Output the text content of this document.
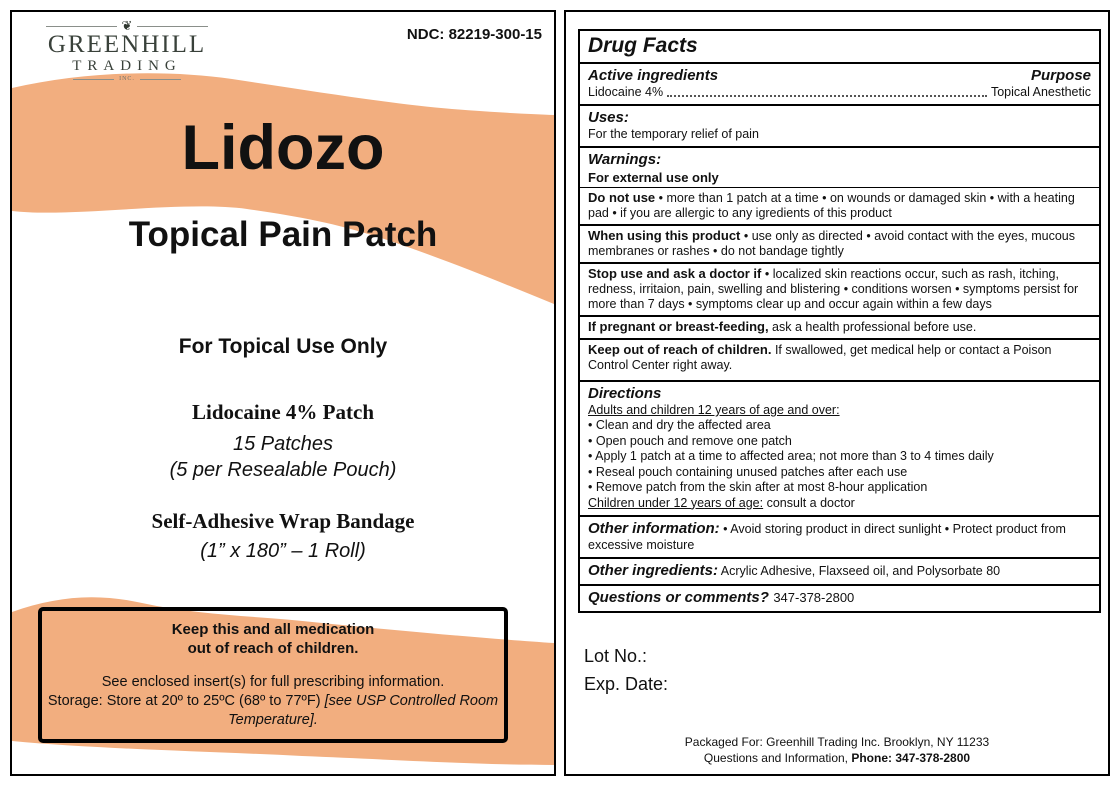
❦
GREENHILL
TRADING
INC.
NDC: 82219-300-15
Lidozo
Topical Pain Patch
For Topical Use Only
Lidocaine 4% Patch
15 Patches
(5 per Resealable Pouch)
Self-Adhesive Wrap Bandage
(1” x 180” – 1 Roll)
Keep this and all medication
out of reach of children.
See enclosed insert(s) for full prescribing information.
Storage: Store at 20º to 25ºC (68º to 77ºF) [see USP Controlled Room Temperature].
Drug Facts
Active ingredients	Purpose
Lidocaine 4%	Topical Anesthetic
Uses:
For the temporary relief of pain
Warnings:
For external use only
Do not use • more than 1 patch at a time • on wounds or damaged skin • with a heating pad • if you are allergic to any igredients of this product
When using this product • use only as directed • avoid contact with the eyes, mucous membranes or rashes • do not bandage tightly
Stop use and ask a doctor if • localized skin reactions occur, such as rash, itching, redness, irritaion, pain, swelling and blistering • conditions worsen • symptoms persist for more than 7 days • symptoms clear up and occur again within a few days
If pregnant or breast-feeding, ask a health professional before use.
Keep out of reach of children. If swallowed, get medical help or contact a Poison Control Center right away.
Directions
Adults and children 12 years of age and over:
• Clean and dry the affected area
• Open pouch and remove one patch
• Apply 1 patch at a time to affected area; not more than 3 to 4 times daily
• Reseal pouch containing unused patches after each use
• Remove patch from the skin after at most 8-hour application
Children under 12 years of age: consult a doctor
Other information: • Avoid storing product in direct sunlight • Protect product from excessive moisture
Other ingredients: Acrylic Adhesive, Flaxseed oil, and Polysorbate 80
Questions or comments? 347-378-2800
Lot No.:
Exp. Date:
Packaged For: Greenhill Trading Inc. Brooklyn, NY 11233
Questions and Information, Phone: 347-378-2800
